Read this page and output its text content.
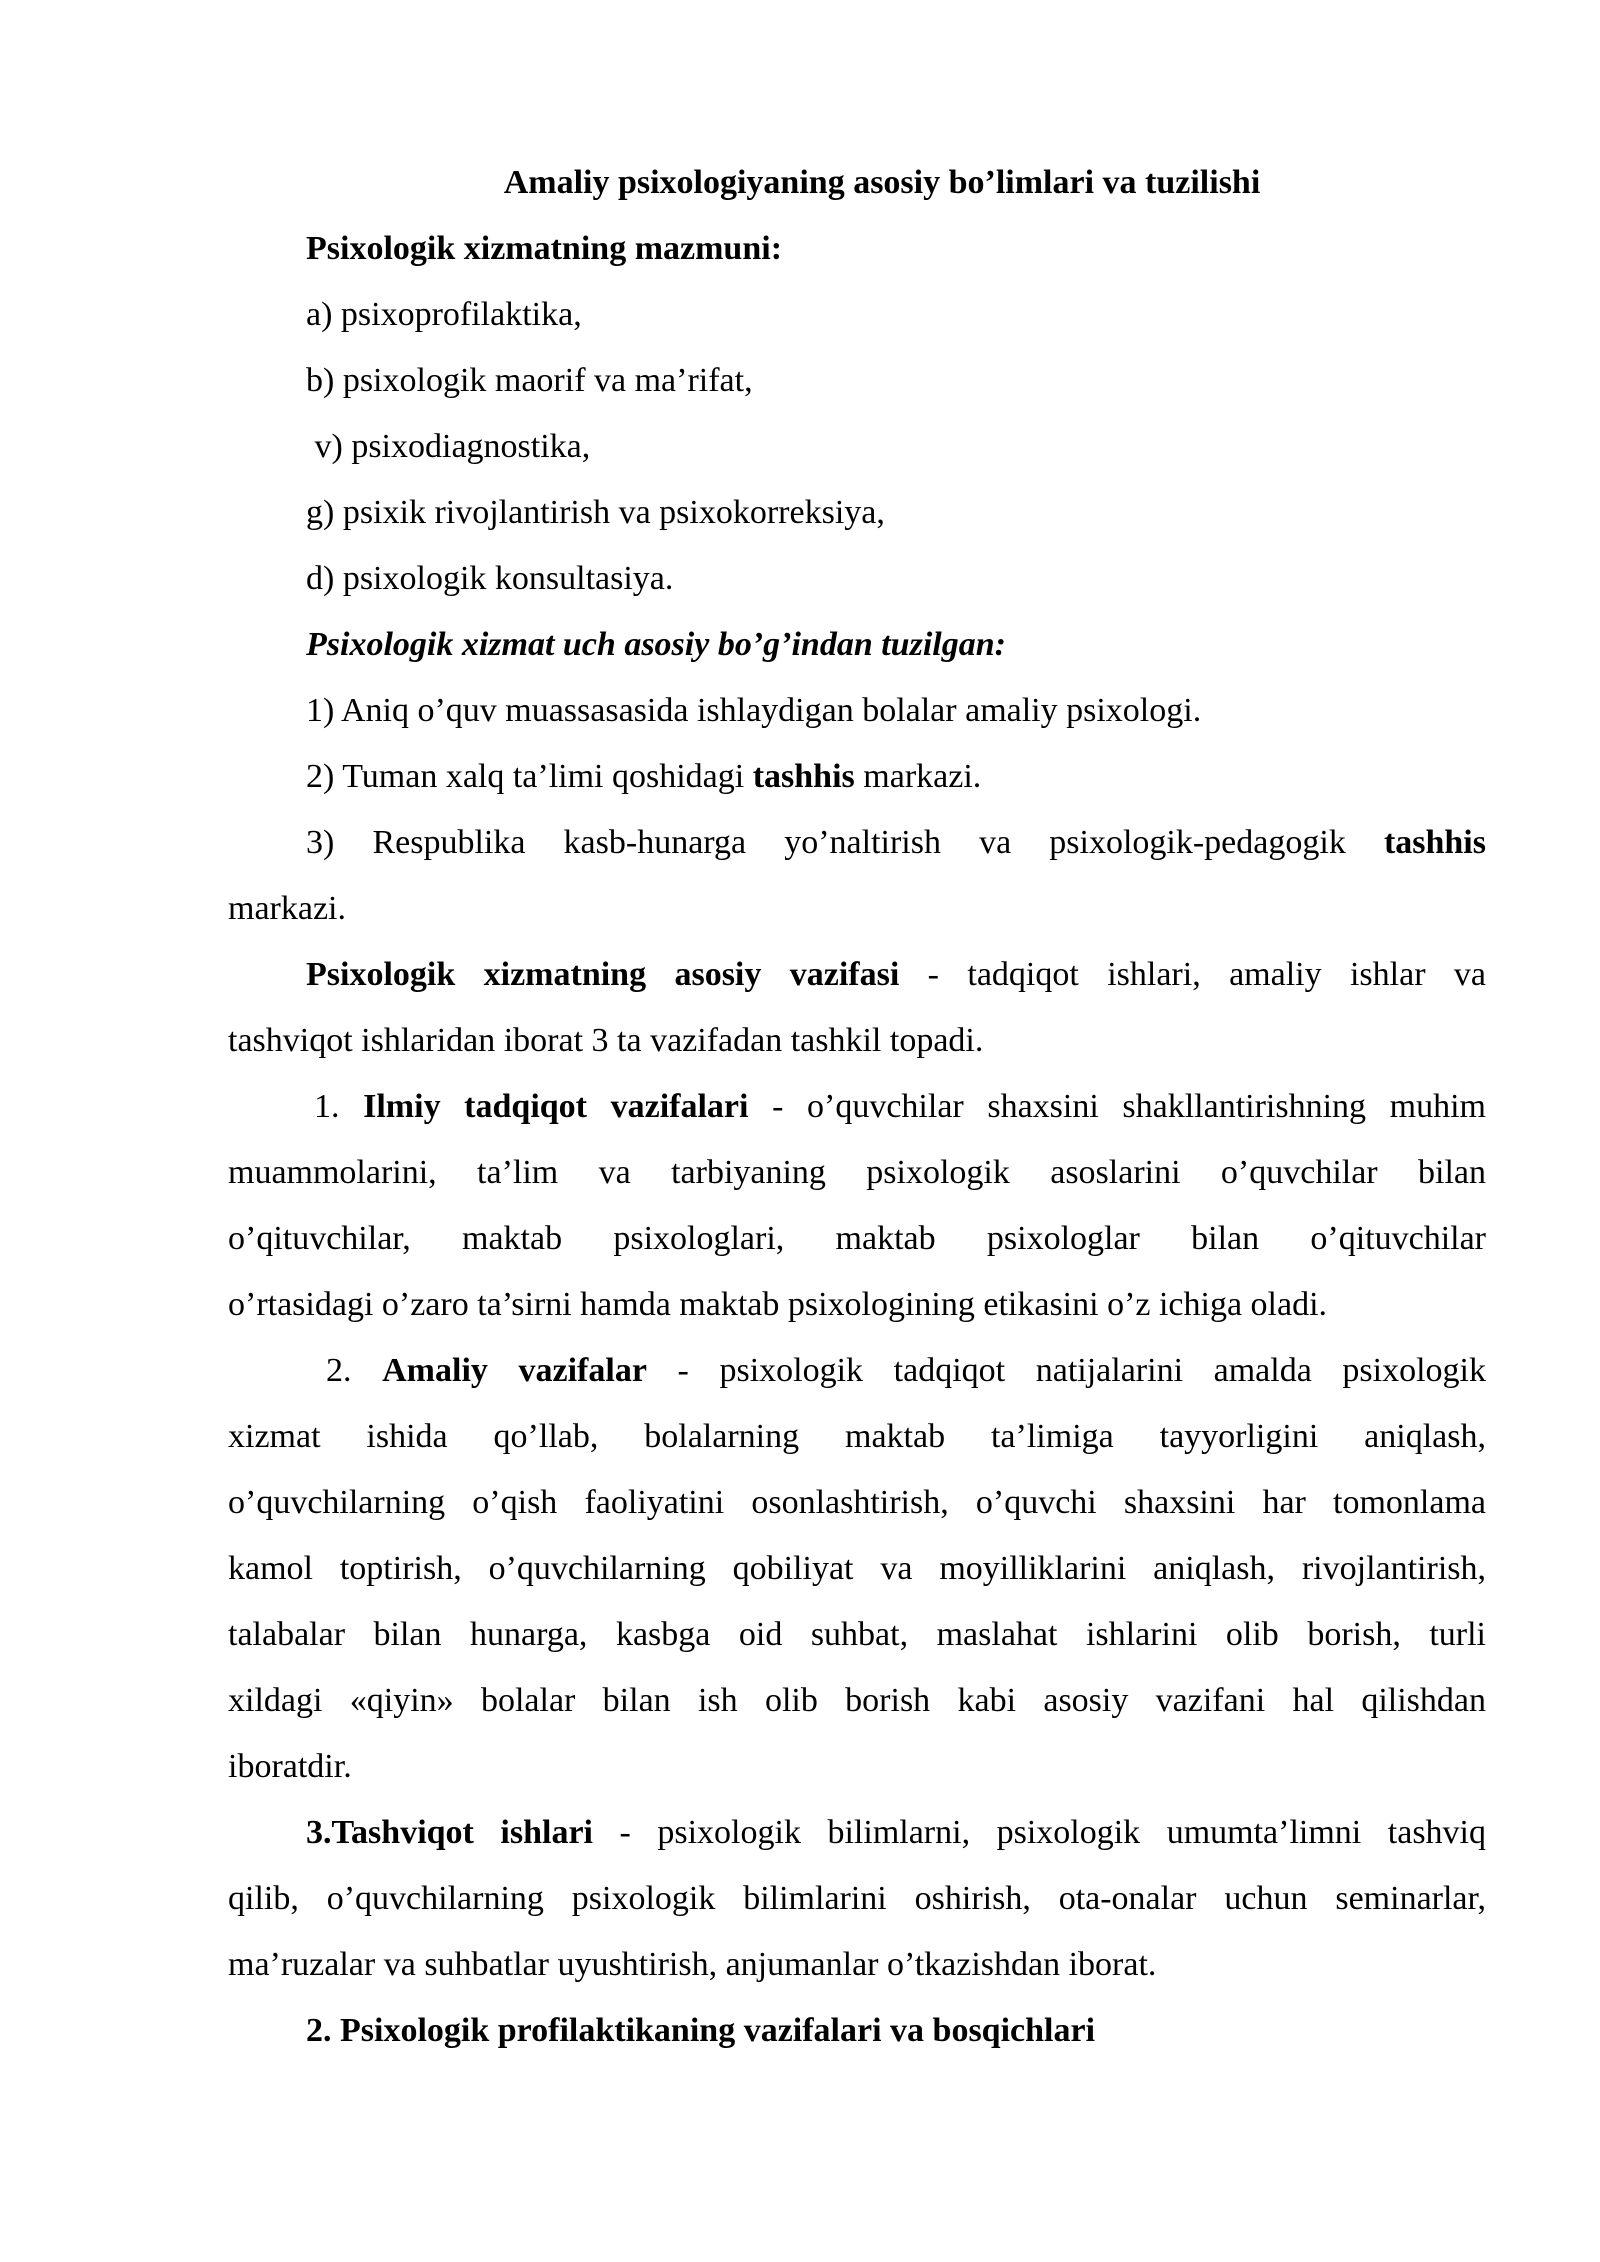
Amaliy psixologiyaning asosiy bo’limlari va tuzilishi

Psixologik xizmatning mazmuni:

a) psixoprofilaktika,

b) psixologik maorif va ma’rifat,

v) psixodiagnostika,

g) psixik rivojlantirish va psixokorreksiya,

d) psixologik konsultasiya.

Psixologik xizmat uch asosiy bo’g’indan tuzilgan:

1) Aniq o’quv muassasasida ishlaydigan bolalar amaliy psixologi.

2) Tuman xalq ta’limi qoshidagi tashhis markazi.

3) Respublika kasb-hunarga yo’naltirish va psixologik-pedagogik tashhis

markazi.

Psixologik xizmatning asosiy vazifasi - tadqiqot ishlari, amaliy ishlar va

tashviqot ishlaridan iborat 3 ta vazifadan tashkil topadi.

1. Ilmiy tadqiqot vazifalari - o’quvchilar shaxsini shakllantirishning muhim

muammolarini, ta’lim va tarbiyaning psixologik asoslarini o’quvchilar bilan

o’qituvchilar, maktab psixologlari, maktab psixologlar bilan o’qituvchilar

o’rtasidagi o’zaro ta’sirni hamda maktab psixologining etikasini o’z ichiga oladi.

2. Amaliy vazifalar - psixologik tadqiqot natijalarini amalda psixologik

xizmat ishida qo’llab, bolalarning maktab ta’limiga tayyorligini aniqlash,

o’quvchilarning o’qish faoliyatini osonlashtirish, o’quvchi shaxsini har tomonlama

kamol toptirish, o’quvchilarning qobiliyat va moyilliklarini aniqlash, rivojlantirish,

talabalar bilan hunarga, kasbga oid suhbat, maslahat ishlarini olib borish, turli

xildagi «qiyin» bolalar bilan ish olib borish kabi asosiy vazifani hal qilishdan

iboratdir.

3.Tashviqot ishlari - psixologik bilimlarni, psixologik umumta’limni tashviq

qilib, o’quvchilarning psixologik bilimlarini oshirish, ota-onalar uchun seminarlar,

ma’ruzalar va suhbatlar uyushtirish, anjumanlar o’tkazishdan iborat.

2. Psixologik profilaktikaning vazifalari va bosqichlari
